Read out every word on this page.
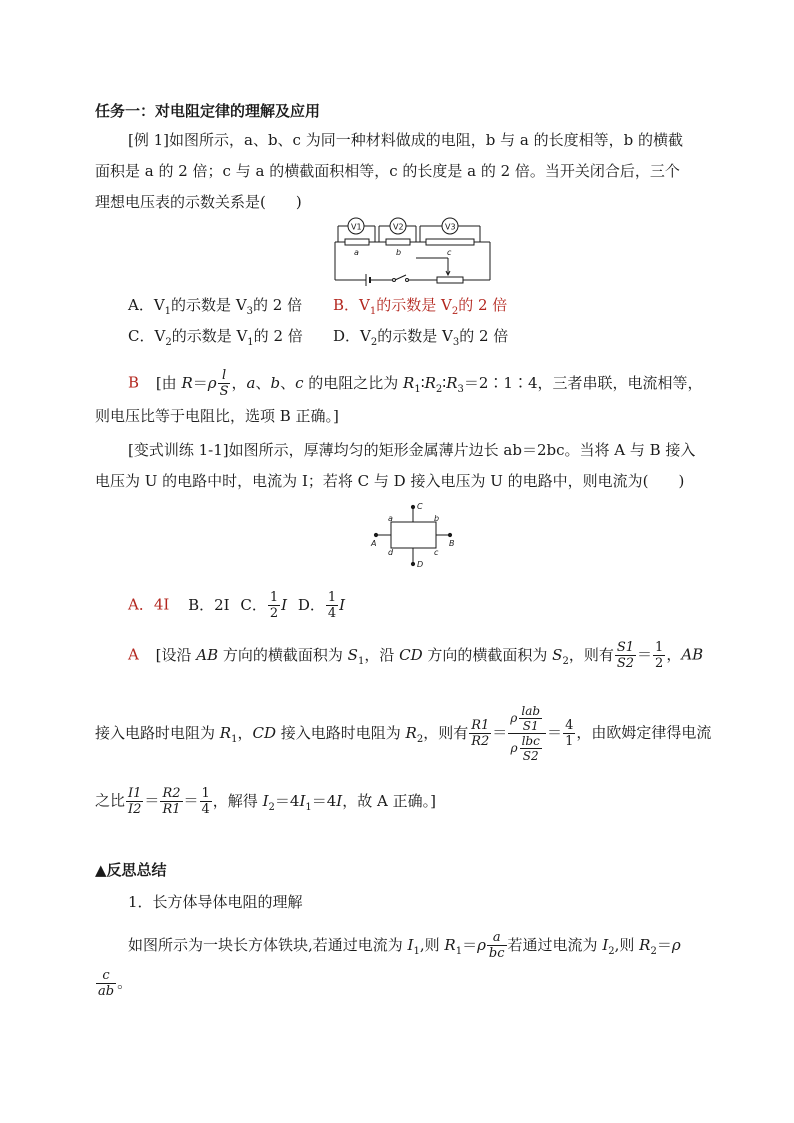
任务一：对电阻定律的理解及应用
[例 1]如图所示，a、b、c 为同一种材料做成的电阻，b 与 a 的长度相等，b 的横截
面积是 a 的 2 倍；c 与 a 的横截面积相等，c 的长度是 a 的 2 倍。当开关闭合后，三个
理想电压表的示数关系是(　　)
V1	V2	V3
a	b	c
A．$V_1$的示数是 $V_3$的 2 倍 B．$V_1$的示数是 $V_2$的 2 倍
C．$V_2$的示数是 $V_1$的 2 倍 D．$V_2$的示数是 $V_3$的 2 倍
B [由 $R=\rho \frac{l}{S}$ ，a、b、c 的电阻之比为 $R_1∶R_2∶R_3=2∶1∶4$，三者串联，电流相等，
则电压比等于电阻比，选项 B 正确。]
[变式训练 1-1]如图所示，厚薄均匀的矩形金属薄片边长 ab＝2bc。当将 A 与 B 接入
电压为 U 的电路中时，电流为 I；若将 C 与 D 接入电压为 U 的电路中，则电流为(　　)
a	b
c
d
A	B
C
D
A．4I B．2I C． $\frac{1}{2}$ I D． $\frac{1}{4}$ I
A [设沿 AB 方向的横截面积为 $S_1$，沿 CD 方向的横截面积为 $S_2$，则有 $\frac{S1}{S2} = \frac{1}{2}$ ，AB
接入电路时电阻为 $R_1$，CD 接入电路时电阻为 $R_2$，则有 $\frac{R1}{R2} = \frac{\rho \frac{\text{lab}}{S1}}{\rho \frac{\text{lbc}}{S2}} = \frac{4}{1}$ ，由欧姆定律得电流
之比 $\frac{I1}{I2} = \frac{R2}{R1} = \frac{1}{4}$ ，解得 $I_2=4I_1=4I$，故 A 正确。]
▲反思总结
1．长方体导体电阻的理解
如图所示为一块长方体铁块,若通过电流为 $I_1$,则 $R_1=\rho \frac{a}{bc}$ 若通过电流为 $I_2$,则 $R_2=\rho$
$\frac{c}{ab}$ 。
